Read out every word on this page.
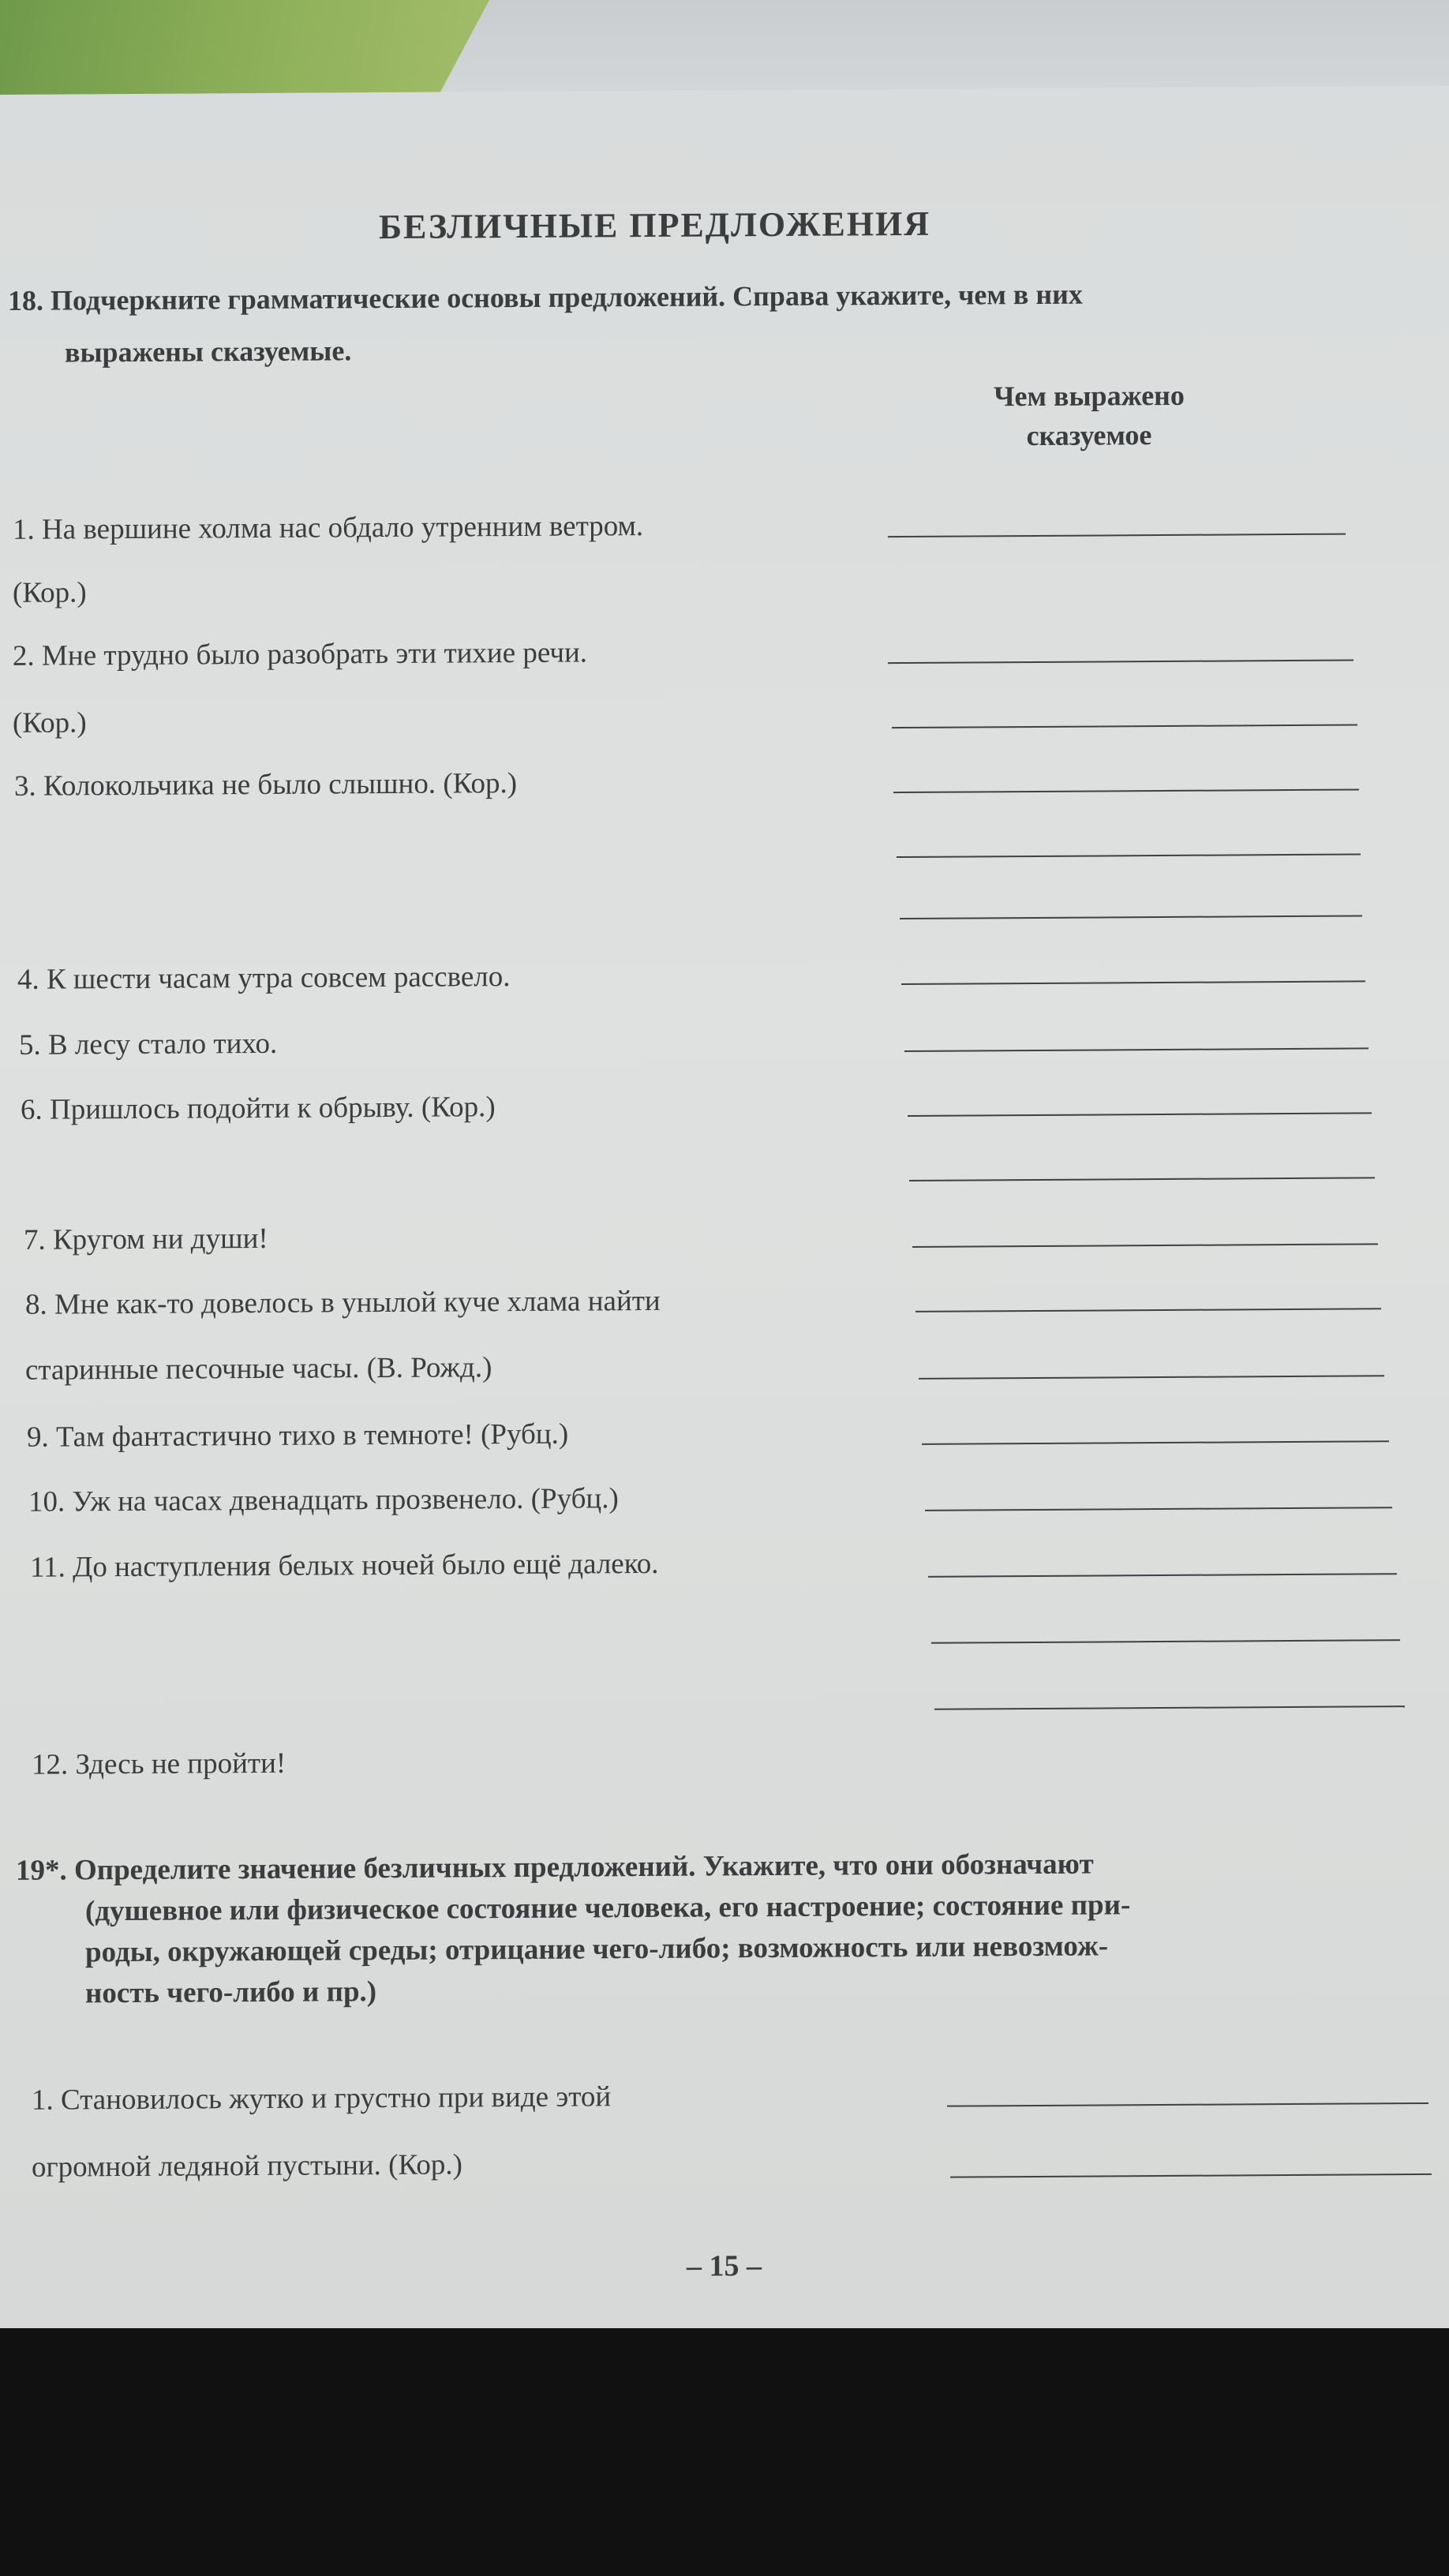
БЕЗЛИЧНЫЕ ПРЕДЛОЖЕНИЯ
18. Подчеркните грамматические основы предложений. Справа укажите, чем в них
выражены сказуемые.
Чем выражено
сказуемое
1. На вершине холма нас обдало утренним ветром.
(Кор.)
2. Мне трудно было разобрать эти тихие речи.
(Кор.)
3. Колокольчика не было слышно. (Кор.)
4. К шести часам утра совсем рассвело.
5. В лесу стало тихо.
6. Пришлось подойти к обрыву. (Кор.)
7. Кругом ни души!
8. Мне как-то довелось в унылой куче хлама найти
старинные песочные часы. (В. Рожд.)
9. Там фантастично тихо в темноте! (Рубц.)
10. Уж на часах двенадцать прозвенело. (Рубц.)
11. До наступления белых ночей было ещё далеко.
12. Здесь не пройти!
19*. Определите значение безличных предложений. Укажите, что они обозначают
(душевное или физическое состояние человека, его настроение; состояние при-
роды, окружающей среды; отрицание чего-либо; возможность или невозмож-
ность чего-либо и пр.)
1. Становилось жутко и грустно при виде этой
огромной ледяной пустыни. (Кор.)
– 15 –
